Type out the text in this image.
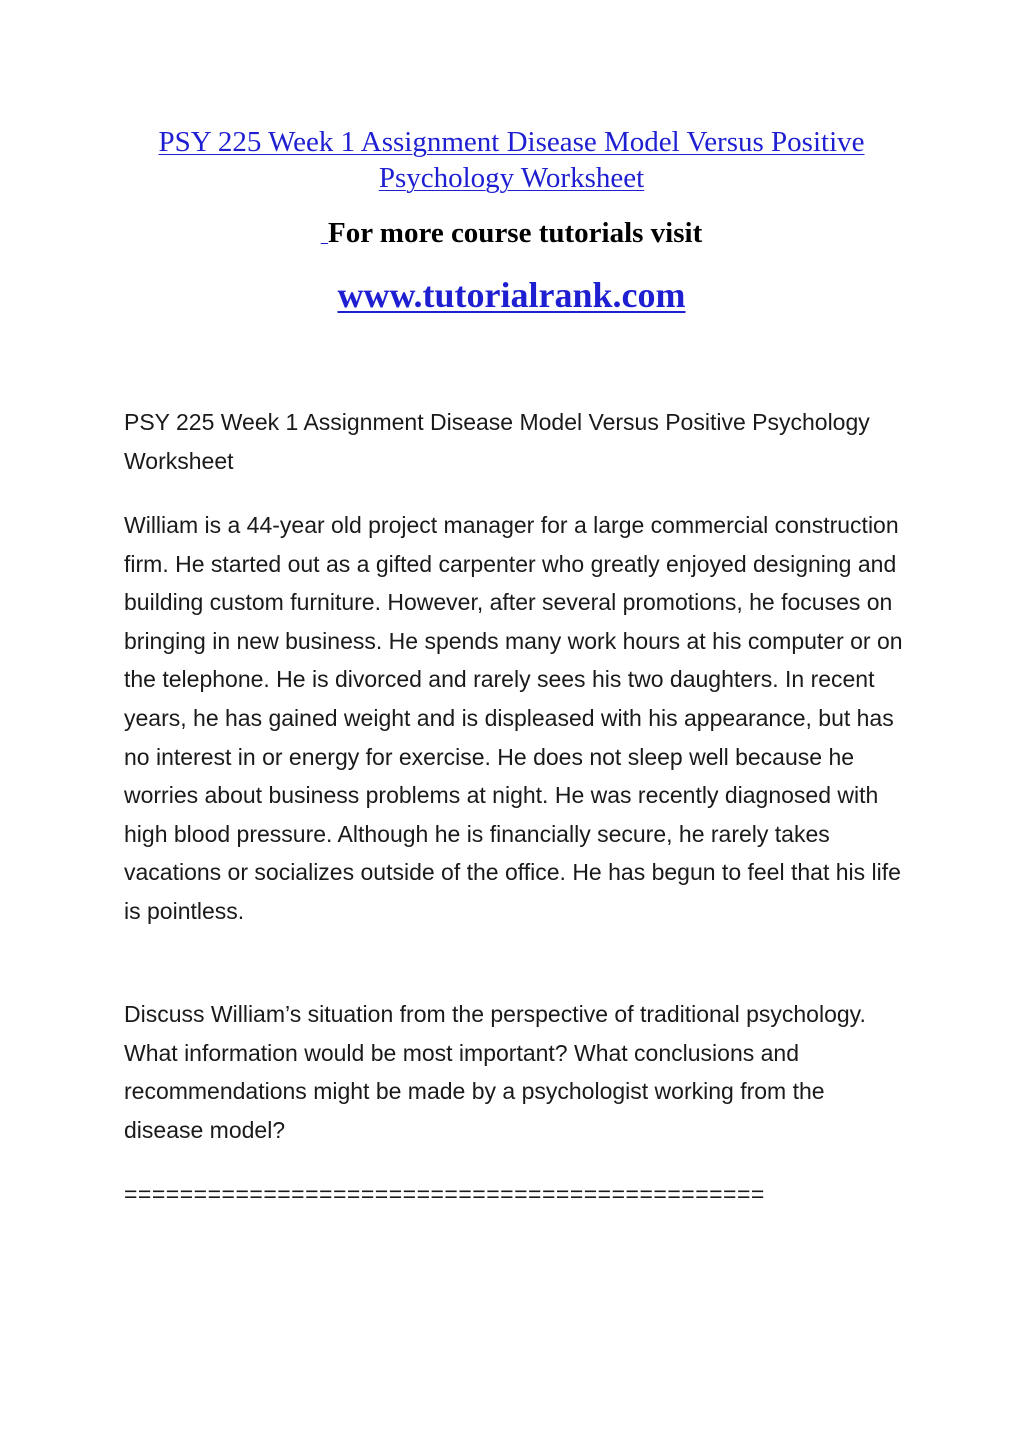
PSY 225 Week 1 Assignment Disease Model Versus Positive Psychology Worksheet
For more course tutorials visit
www.tutorialrank.com

PSY 225 Week 1 Assignment Disease Model Versus Positive Psychology Worksheet

William is a 44-year old project manager for a large commercial construction firm. He started out as a gifted carpenter who greatly enjoyed designing and building custom furniture. However, after several promotions, he focuses on bringing in new business. He spends many work hours at his computer or on the telephone. He is divorced and rarely sees his two daughters. In recent years, he has gained weight and is displeased with his appearance, but has no interest in or energy for exercise. He does not sleep well because he worries about business problems at night. He was recently diagnosed with high blood pressure. Although he is financially secure, he rarely takes vacations or socializes outside of the office. He has begun to feel that his life is pointless.

Discuss William’s situation from the perspective of traditional psychology. What information would be most important? What conclusions and recommendations might be made by a psychologist working from the disease model?

==============================================
